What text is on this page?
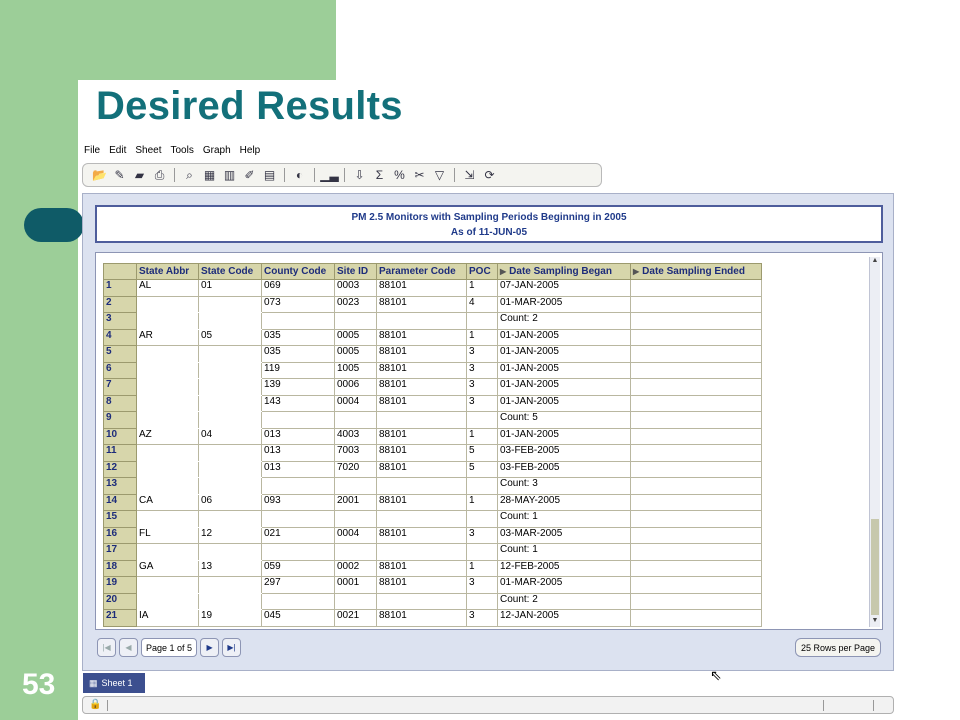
Desired Results
53
File Edit Sheet Tools Graph Help
📂 ✎ ▰ ⎙	⌕ ▦ ▥ ✐ ▤	◐	▁▃ ⇩ Σ % ✂ ▽	⇲ ⟳
PM 2.5 Monitors with Sampling Periods Beginning in 2005
As of 11-JUN-05
	State Abbr	State Code	County Code	Site ID	Parameter Code	POC	▶ Date Sampling Began	▶ Date Sampling Ended
1	AL	01	069	0003	88101	1	07-JAN-2005	
2			073	0023	88101	4	01-MAR-2005	
3							Count: 2	
4	AR	05	035	0005	88101	1	01-JAN-2005	
5			035	0005	88101	3	01-JAN-2005	
6			119	1005	88101	3	01-JAN-2005	
7			139	0006	88101	3	01-JAN-2005	
8			143	0004	88101	3	01-JAN-2005	
9							Count: 5	
10	AZ	04	013	4003	88101	1	01-JAN-2005	
11			013	7003	88101	5	03-FEB-2005	
12			013	7020	88101	5	03-FEB-2005	
13							Count: 3	
14	CA	06	093	2001	88101	1	28-MAY-2005	
15							Count: 1	
16	FL	12	021	0004	88101	3	03-MAR-2005	
17							Count: 1	
18	GA	13	059	0002	88101	1	12-FEB-2005	
19			297	0001	88101	3	01-MAR-2005	
20							Count: 2	
21	IA	19	045	0021	88101	3	12-JAN-2005	
▲
▼
|◀	◀	Page 1 of 5	▶	▶|	25 Rows per Page
⇖
▦ Sheet 1
🔒
